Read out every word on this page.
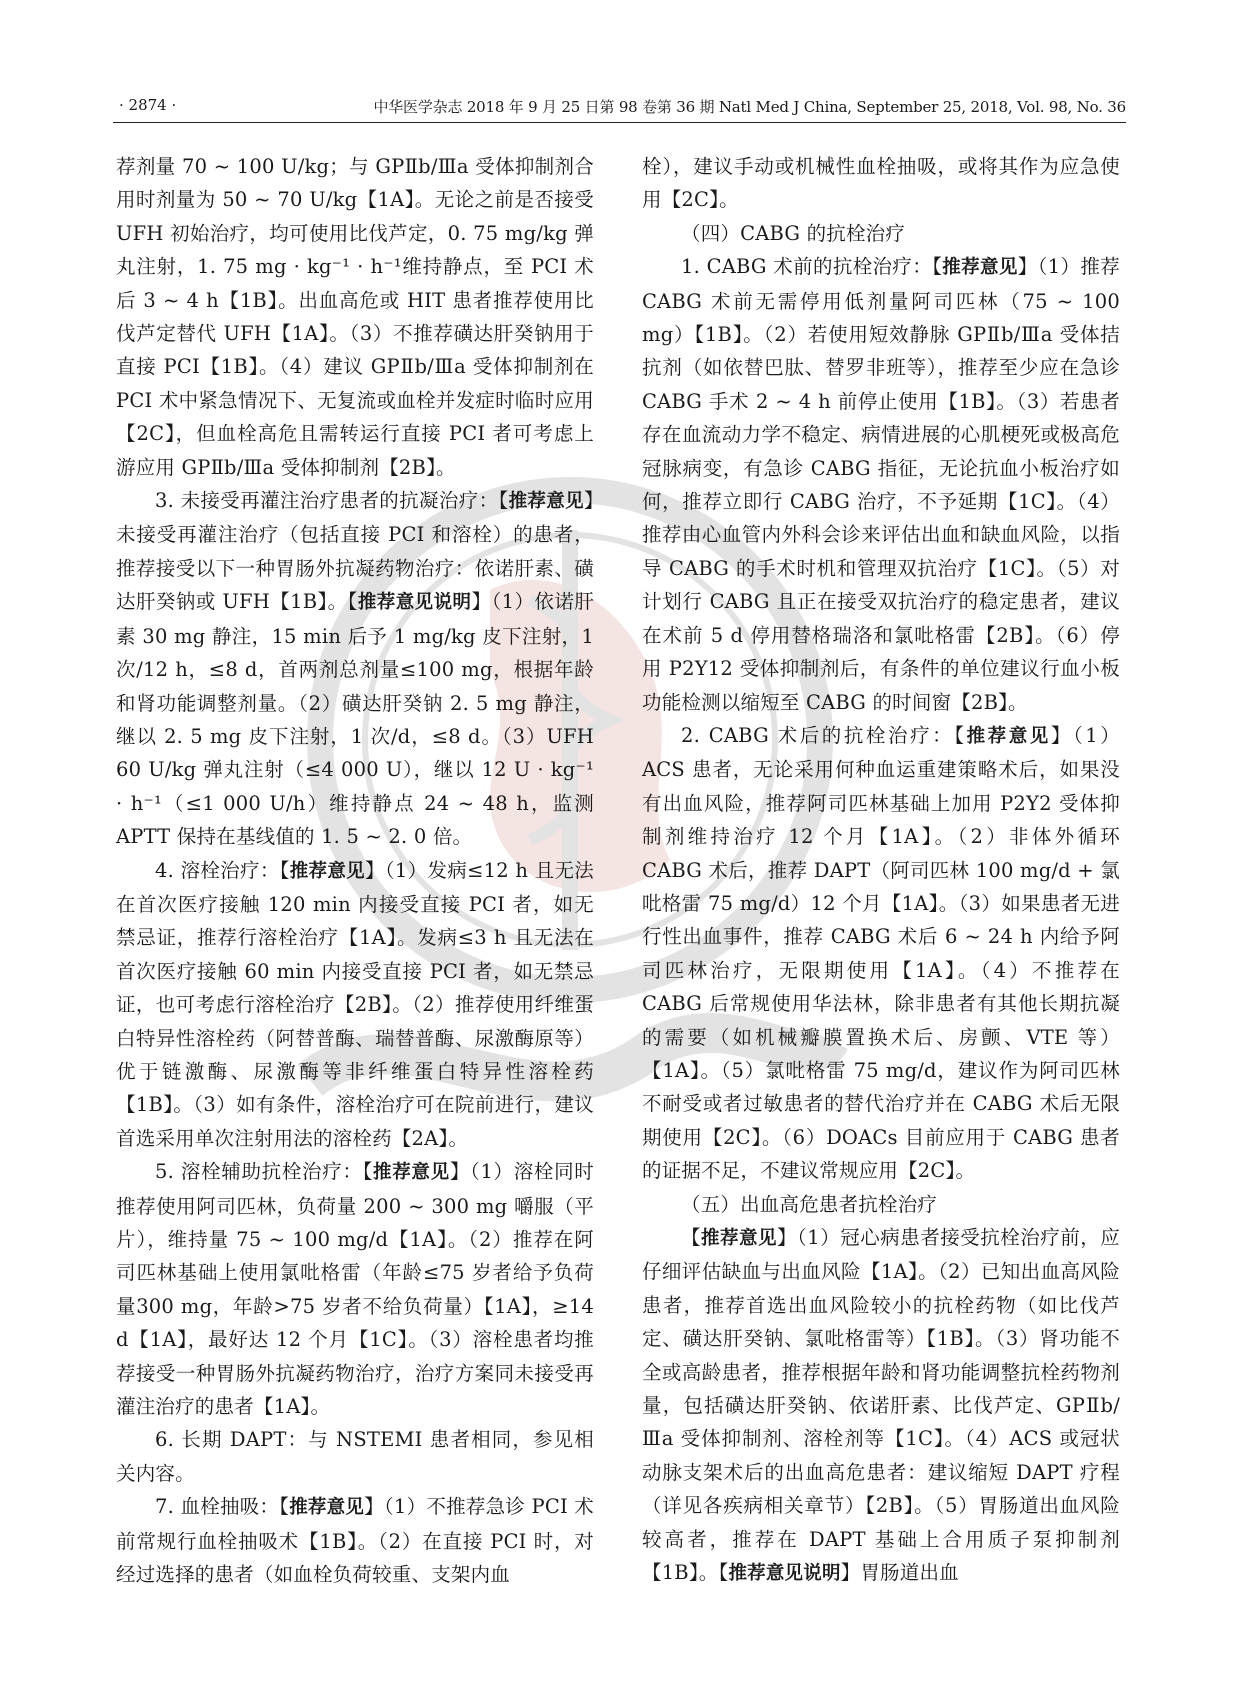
· 2874 ·	中华医学杂志 2018 年 9 月 25 日第 98 卷第 36 期 Natl Med J China, September 25, 2018, Vol. 98, No. 36

荐剂量 70 ~ 100 U/kg；与 GPⅡb/Ⅲa 受体抑制剂合用时剂量为 50 ~ 70 U/kg【1A】。无论之前是否接受 UFH 初始治疗，均可使用比伐芦定，0. 75 mg/kg 弹丸注射，1. 75 mg · kg⁻¹ · h⁻¹维持静点，至 PCI 术后 3 ~ 4 h【1B】。出血高危或 HIT 患者推荐使用比伐芦定替代 UFH【1A】。（3）不推荐磺达肝癸钠用于直接 PCI【1B】。（4）建议 GPⅡb/Ⅲa 受体抑制剂在 PCI 术中紧急情况下、无复流或血栓并发症时临时应用【2C】，但血栓高危且需转运行直接 PCI 者可考虑上游应用 GPⅡb/Ⅲa 受体抑制剂【2B】。

3. 未接受再灌注治疗患者的抗凝治疗：【推荐意见】未接受再灌注治疗（包括直接 PCI 和溶栓）的患者，推荐接受以下一种胃肠外抗凝药物治疗：依诺肝素、磺达肝癸钠或 UFH【1B】。【推荐意见说明】（1）依诺肝素 30 mg 静注，15 min 后予 1 mg/kg 皮下注射，1 次/12 h，≤8 d，首两剂总剂量≤100 mg，根据年龄和肾功能调整剂量。（2）磺达肝癸钠 2. 5 mg 静注，继以 2. 5 mg 皮下注射，1 次/d，≤8 d。（3）UFH 60 U/kg 弹丸注射（≤4 000 U），继以 12 U · kg⁻¹ · h⁻¹（≤1 000 U/h）维持静点 24 ~ 48 h，监测 APTT 保持在基线值的 1. 5 ~ 2. 0 倍。

4. 溶栓治疗：【推荐意见】（1）发病≤12 h 且无法在首次医疗接触 120 min 内接受直接 PCI 者，如无禁忌证，推荐行溶栓治疗【1A】。发病≤3 h 且无法在首次医疗接触 60 min 内接受直接 PCI 者，如无禁忌证，也可考虑行溶栓治疗【2B】。（2）推荐使用纤维蛋白特异性溶栓药（阿替普酶、瑞替普酶、尿激酶原等）优于链激酶、尿激酶等非纤维蛋白特异性溶栓药【1B】。（3）如有条件，溶栓治疗可在院前进行，建议首选采用单次注射用法的溶栓药【2A】。

5. 溶栓辅助抗栓治疗：【推荐意见】（1）溶栓同时推荐使用阿司匹林，负荷量 200 ~ 300 mg 嚼服（平片），维持量 75 ~ 100 mg/d【1A】。（2）推荐在阿司匹林基础上使用氯吡格雷（年龄≤75 岁者给予负荷量300 mg，年龄>75 岁者不给负荷量）【1A】，≥14 d【1A】，最好达 12 个月【1C】。（3）溶栓患者均推荐接受一种胃肠外抗凝药物治疗，治疗方案同未接受再灌注治疗的患者【1A】。

6. 长期 DAPT：与 NSTEMI 患者相同，参见相关内容。

7. 血栓抽吸：【推荐意见】（1）不推荐急诊 PCI 术前常规行血栓抽吸术【1B】。（2）在直接 PCI 时，对经过选择的患者（如血栓负荷较重、支架内血

栓），建议手动或机械性血栓抽吸，或将其作为应急使用【2C】。

（四）CABG 的抗栓治疗

1. CABG 术前的抗栓治疗：【推荐意见】（1）推荐 CABG 术前无需停用低剂量阿司匹林（75 ~ 100 mg）【1B】。（2）若使用短效静脉 GPⅡb/Ⅲa 受体拮抗剂（如依替巴肽、替罗非班等），推荐至少应在急诊 CABG 手术 2 ~ 4 h 前停止使用【1B】。（3）若患者存在血流动力学不稳定、病情进展的心肌梗死或极高危冠脉病变，有急诊 CABG 指征，无论抗血小板治疗如何，推荐立即行 CABG 治疗，不予延期【1C】。（4）推荐由心血管内外科会诊来评估出血和缺血风险，以指导 CABG 的手术时机和管理双抗治疗【1C】。（5）对计划行 CABG 且正在接受双抗治疗的稳定患者，建议在术前 5 d 停用替格瑞洛和氯吡格雷【2B】。（6）停用 P2Y12 受体抑制剂后，有条件的单位建议行血小板功能检测以缩短至 CABG 的时间窗【2B】。

2. CABG 术后的抗栓治疗：【推荐意见】（1）ACS 患者，无论采用何种血运重建策略术后，如果没有出血风险，推荐阿司匹林基础上加用 P2Y2 受体抑制剂维持治疗 12 个月【1A】。（2）非体外循环 CABG 术后，推荐 DAPT（阿司匹林 100 mg/d + 氯吡格雷 75 mg/d）12 个月【1A】。（3）如果患者无进行性出血事件，推荐 CABG 术后 6 ~ 24 h 内给予阿司匹林治疗，无限期使用【1A】。（4）不推荐在 CABG 后常规使用华法林，除非患者有其他长期抗凝的需要（如机械瓣膜置换术后、房颤、VTE 等）【1A】。（5）氯吡格雷 75 mg/d，建议作为阿司匹林不耐受或者过敏患者的替代治疗并在 CABG 术后无限期使用【2C】。（6）DOACs 目前应用于 CABG 患者的证据不足，不建议常规应用【2C】。

（五）出血高危患者抗栓治疗

【推荐意见】（1）冠心病患者接受抗栓治疗前，应仔细评估缺血与出血风险【1A】。（2）已知出血高风险患者，推荐首选出血风险较小的抗栓药物（如比伐芦定、磺达肝癸钠、氯吡格雷等）【1B】。（3）肾功能不全或高龄患者，推荐根据年龄和肾功能调整抗栓药物剂量，包括磺达肝癸钠、依诺肝素、比伐芦定、GPⅡb/Ⅲa 受体抑制剂、溶栓剂等【1C】。（4）ACS 或冠状动脉支架术后的出血高危患者：建议缩短 DAPT 疗程（详见各疾病相关章节）【2B】。（5）胃肠道出血风险较高者，推荐在 DAPT 基础上合用质子泵抑制剂【1B】。【推荐意见说明】胃肠道出血
